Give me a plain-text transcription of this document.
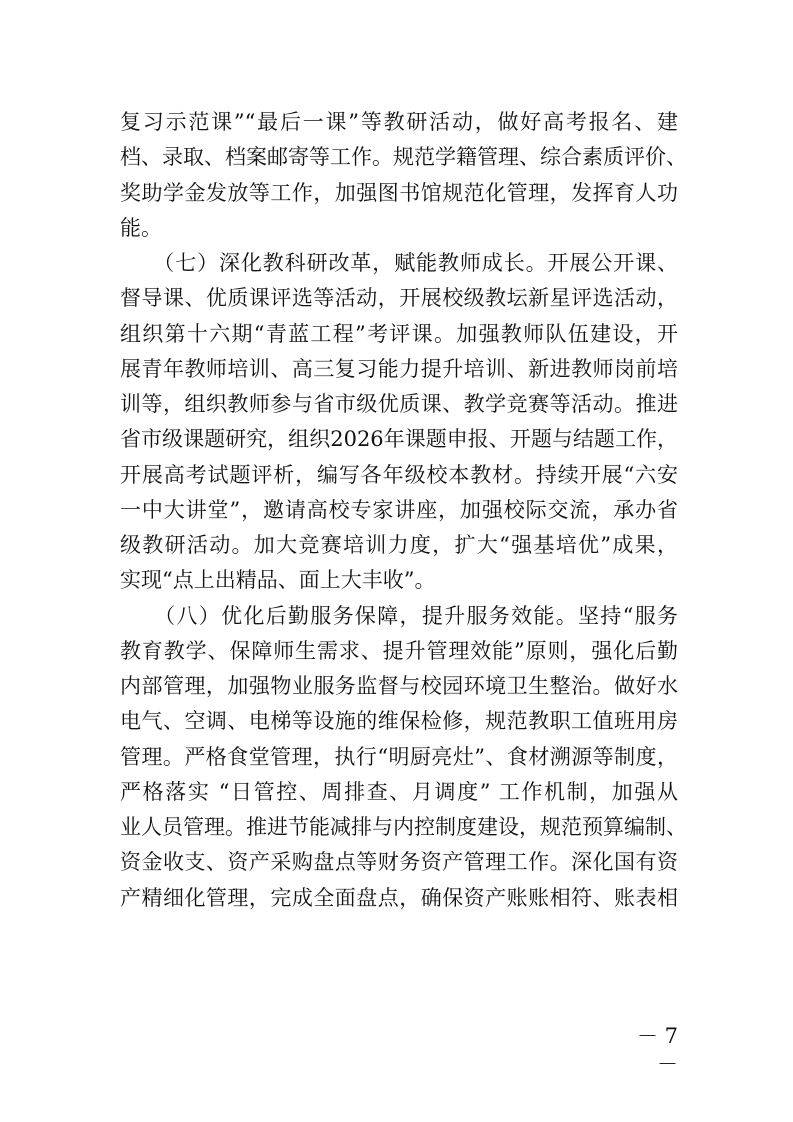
复习示范课”“最后一课”等教研活动，做好高考报名、建
档、录取、档案邮寄等工作。规范学籍管理、综合素质评价、
奖助学金发放等工作，加强图书馆规范化管理，发挥育人功
能。
　　（七）深化教科研改革，赋能教师成长。开展公开课、
督导课、优质课评选等活动，开展校级教坛新星评选活动，
组织第十六期“青蓝工程”考评课。加强教师队伍建设，开
展青年教师培训、高三复习能力提升培训、新进教师岗前培
训等，组织教师参与省市级优质课、教学竞赛等活动。推进
省市级课题研究，组织2026年课题申报、开题与结题工作，
开展高考试题评析，编写各年级校本教材。持续开展“六安
一中大讲堂”，邀请高校专家讲座，加强校际交流，承办省
级教研活动。加大竞赛培训力度，扩大“强基培优”成果，
实现“点上出精品、面上大丰收”。
　　（八）优化后勤服务保障，提升服务效能。坚持“服务
教育教学、保障师生需求、提升管理效能”原则，强化后勤
内部管理，加强物业服务监督与校园环境卫生整治。做好水
电气、空调、电梯等设施的维保检修，规范教职工值班用房
管理。严格食堂管理，执行“明厨亮灶”、食材溯源等制度，
严格落实 “日管控、周排查、月调度” 工作机制，加强从
业人员管理。推进节能减排与内控制度建设，规范预算编制、
资金收支、资产采购盘点等财务资产管理工作。深化国有资
产精细化管理，完成全面盘点，确保资产账账相符、账表相
－ 7 －
